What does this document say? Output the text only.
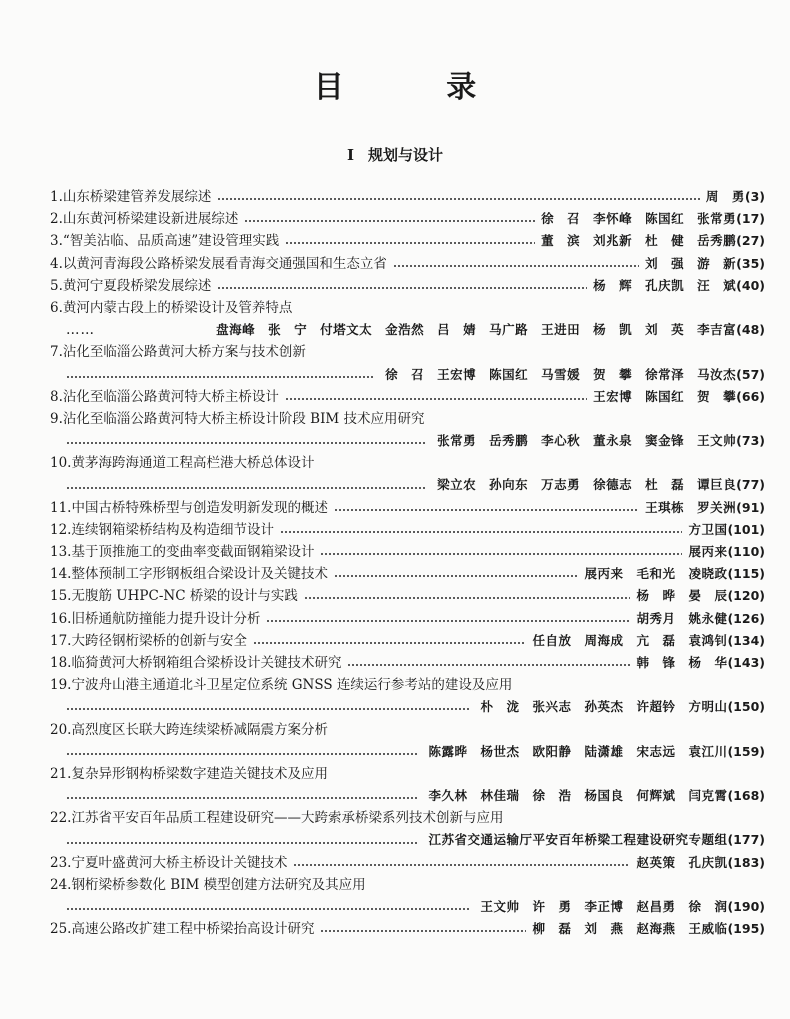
目 录
I 规划与设计
1. 山东桥梁建管养发展综述	周　勇 (3)
2. 山东黄河桥梁建设新进展综述	徐　召　李怀峰　陈国红　张常勇 (17)
3. “智美沾临、品质高速”建设管理实践	董　滨　刘兆新　杜　健　岳秀鹏 (27)
4. 以黄河青海段公路桥梁发展看青海交通强国和生态立省	刘　强　游　新 (35)
5. 黄河宁夏段桥梁发展综述	杨　辉　孔庆凯　汪　斌 (40)
6. 黄河内蒙古段上的桥梁设计及管养特点
……	盘海峰　张　宁　付塔文太　金浩然　吕　婧　马广路　王进田　杨　凯　刘　英　李吉富 (48)
7. 沾化至临淄公路黄河大桥方案与技术创新
徐　召　王宏博　陈国红　马雪媛　贺　攀　徐常泽　马汝杰 (57)
8. 沾化至临淄公路黄河特大桥主桥设计	王宏博　陈国红　贺　攀 (66)
9. 沾化至临淄公路黄河特大桥主桥设计阶段 BIM 技术应用研究
张常勇　岳秀鹏　李心秋　董永泉　窦金锋　王文帅 (73)
10. 黄茅海跨海通道工程高栏港大桥总体设计
梁立农　孙向东　万志勇　徐德志　杜　磊　谭巨良 (77)
11. 中国古桥特殊桥型与创造发明新发现的概述	王琪栋　罗关洲 (91)
12. 连续钢箱梁桥结构及构造细节设计	方卫国 (101)
13. 基于顶推施工的变曲率变截面钢箱梁设计	展丙来 (110)
14. 整体预制工字形钢板组合梁设计及关键技术	展丙来　毛和光　凌晓政 (115)
15. 无腹筋 UHPC-NC 桥梁的设计与实践	杨　晔　晏　辰 (120)
16. 旧桥通航防撞能力提升设计分析	胡秀月　姚永健 (126)
17. 大跨径钢桁梁桥的创新与安全	任自放　周海成　亢　磊　袁鸿钊 (134)
18. 临猗黄河大桥钢箱组合梁桥设计关键技术研究	韩　锋　杨　华 (143)
19. 宁波舟山港主通道北斗卫星定位系统 GNSS 连续运行参考站的建设及应用
朴　泷　张兴志　孙英杰　许超钤　方明山 (150)
20. 高烈度区长联大跨连续梁桥减隔震方案分析
陈露晔　杨世杰　欧阳静　陆潇雄　宋志远　袁江川 (159)
21. 复杂异形钢构桥梁数字建造关键技术及应用
李久林　林佳瑞　徐　浩　杨国良　何辉斌　闫克霄 (168)
22. 江苏省平安百年品质工程建设研究——大跨索承桥梁系列技术创新与应用
江苏省交通运输厅平安百年桥梁工程建设研究专题组 (177)
23. 宁夏叶盛黄河大桥主桥设计关键技术	赵英策　孔庆凯 (183)
24. 钢桁梁桥参数化 BIM 模型创建方法研究及其应用
王文帅　许　勇　李正博　赵昌勇　徐　润 (190)
25. 高速公路改扩建工程中桥梁抬高设计研究	柳　磊　刘　燕　赵海燕　王威临 (195)
